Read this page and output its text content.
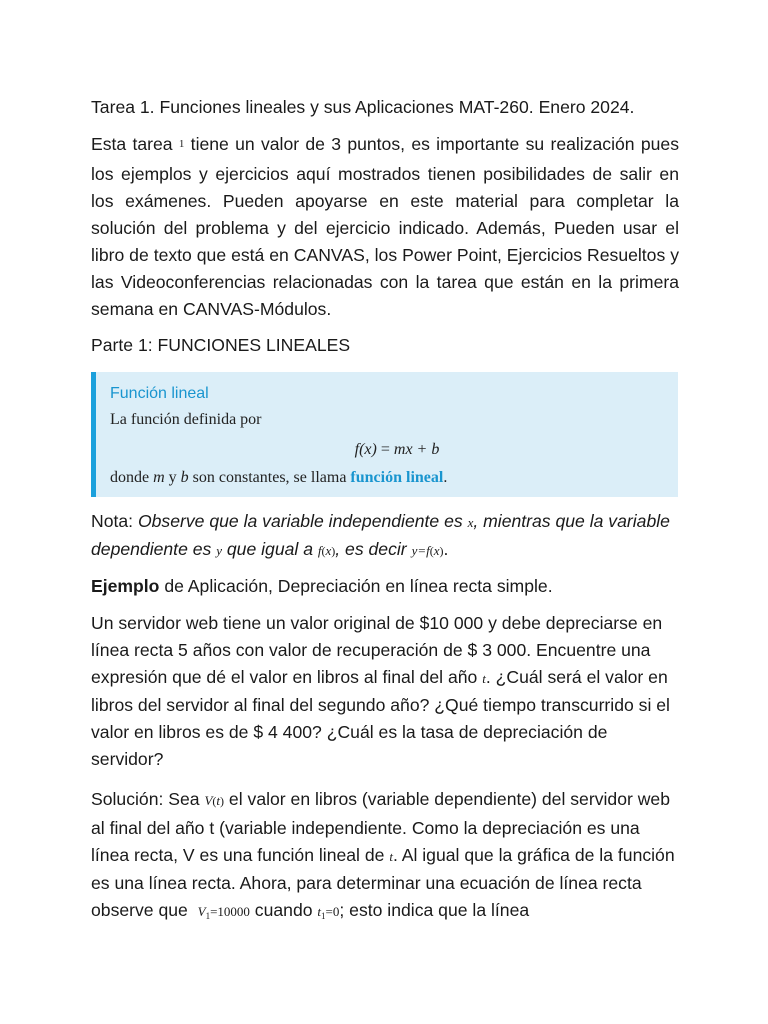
Tarea 1. Funciones lineales y sus Aplicaciones MAT-260. Enero 2024.

Esta tarea 1 tiene un valor de 3 puntos, es importante su realización pues los ejemplos y ejercicios aquí mostrados tienen posibilidades de salir en los exámenes. Pueden apoyarse en este material para completar la solución del problema y del ejercicio indicado. Además, Pueden usar el libro de texto que está en CANVAS, los Power Point, Ejercicios Resueltos y las Videoconferencias relacionadas con la tarea que están en la primera semana en CANVAS-Módulos.

Parte 1: FUNCIONES LINEALES

Función lineal
La función definida por
f(x) = mx + b
donde m y b son constantes, se llama función lineal.

Nota: Observe que la variable independiente es x, mientras que la variable dependiente es y que igual a f(x), es decir y=f(x).

Ejemplo de Aplicación, Depreciación en línea recta simple.

Un servidor web tiene un valor original de $10 000 y debe depreciarse en línea recta 5 años con valor de recuperación de $ 3 000. Encuentre una expresión que dé el valor en libros al final del año t. ¿Cuál será el valor en libros del servidor al final del segundo año? ¿Qué tiempo transcurrido si el valor en libros es de $ 4 400? ¿Cuál es la tasa de depreciación de servidor?

Solución: Sea V(t) el valor en libros (variable dependiente) del servidor web al final del año t (variable independiente. Como la depreciación es una línea recta, V es una función lineal de t. Al igual que la gráfica de la función es una línea recta. Ahora, para determinar una ecuación de línea recta observe que  $V_1=10000$ cuando $t_1=0$; esto indica que la línea
